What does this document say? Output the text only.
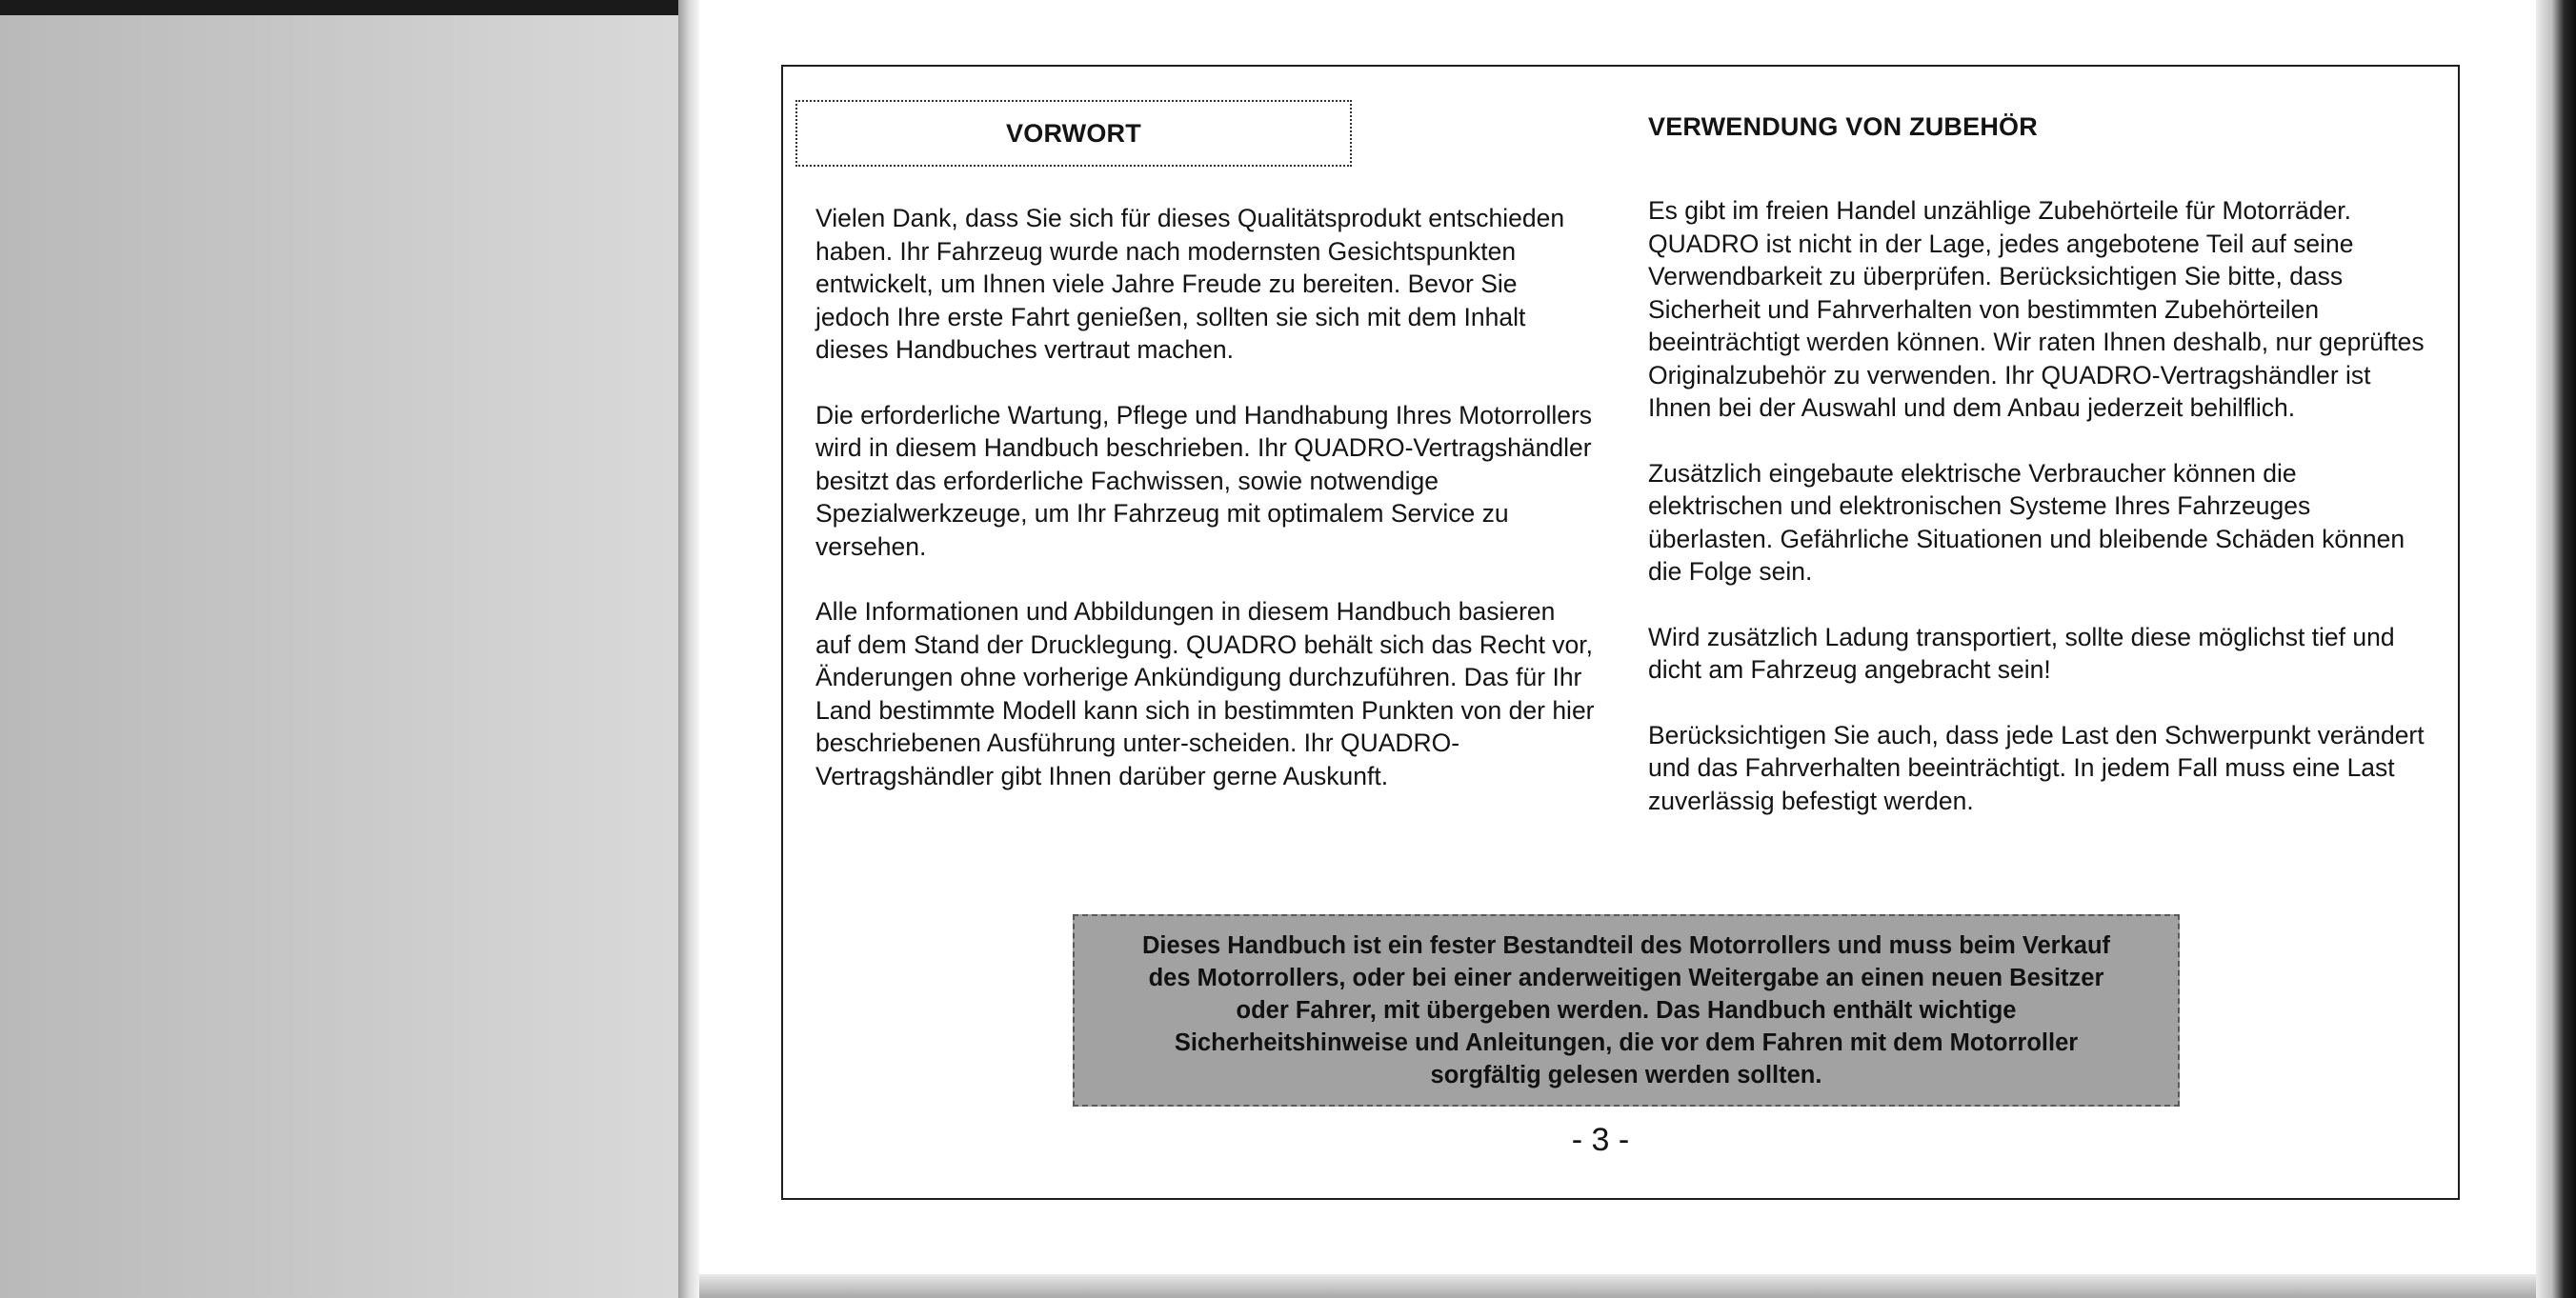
VORWORT

Vielen Dank, dass Sie sich für dieses Qualitätsprodukt entschieden haben. Ihr Fahrzeug wurde nach modernsten Gesichtspunkten entwickelt, um Ihnen viele Jahre Freude zu bereiten. Bevor Sie jedoch Ihre erste Fahrt genießen, sollten sie sich mit dem Inhalt dieses Handbuches vertraut machen.

Die erforderliche Wartung, Pflege und Handhabung Ihres Motorrollers wird in diesem Handbuch beschrieben. Ihr QUADRO-Vertragshändler besitzt das erforderliche Fachwissen, sowie notwendige Spezialwerkzeuge, um Ihr Fahrzeug mit optimalem Service zu versehen.

Alle Informationen und Abbildungen in diesem Handbuch basieren auf dem Stand der Drucklegung. QUADRO behält sich das Recht vor, Änderungen ohne vorherige Ankündigung durchzuführen. Das für Ihr Land bestimmte Modell kann sich in bestimmten Punkten von der hier beschriebenen Ausführung unter-scheiden. Ihr QUADRO-Vertragshändler gibt Ihnen darüber gerne Auskunft.

VERWENDUNG VON ZUBEHÖR

Es gibt im freien Handel unzählige Zubehörteile für Motorräder. QUADRO ist nicht in der Lage, jedes angebotene Teil auf seine Verwendbarkeit zu überprüfen. Berücksichtigen Sie bitte, dass Sicherheit und Fahrverhalten von bestimmten Zubehörteilen beeinträchtigt werden können. Wir raten Ihnen deshalb, nur geprüftes Originalzubehör zu verwenden. Ihr QUADRO-Vertragshändler ist Ihnen bei der Auswahl und dem Anbau jederzeit behilflich.

Zusätzlich eingebaute elektrische Verbraucher können die elektrischen und elektronischen Systeme Ihres Fahrzeuges überlasten. Gefährliche Situationen und bleibende Schäden können die Folge sein.

Wird zusätzlich Ladung transportiert, sollte diese möglichst tief und dicht am Fahrzeug angebracht sein!

Berücksichtigen Sie auch, dass jede Last den Schwerpunkt verändert und das Fahrverhalten beeinträchtigt. In jedem Fall muss eine Last zuverlässig befestigt werden.

Dieses Handbuch ist ein fester Bestandteil des Motorrollers und muss beim Verkauf des Motorrollers, oder bei einer anderweitigen Weitergabe an einen neuen Besitzer oder Fahrer, mit übergeben werden. Das Handbuch enthält wichtige Sicherheitshinweise und Anleitungen, die vor dem Fahren mit dem Motorroller sorgfältig gelesen werden sollten.

- 3 -
